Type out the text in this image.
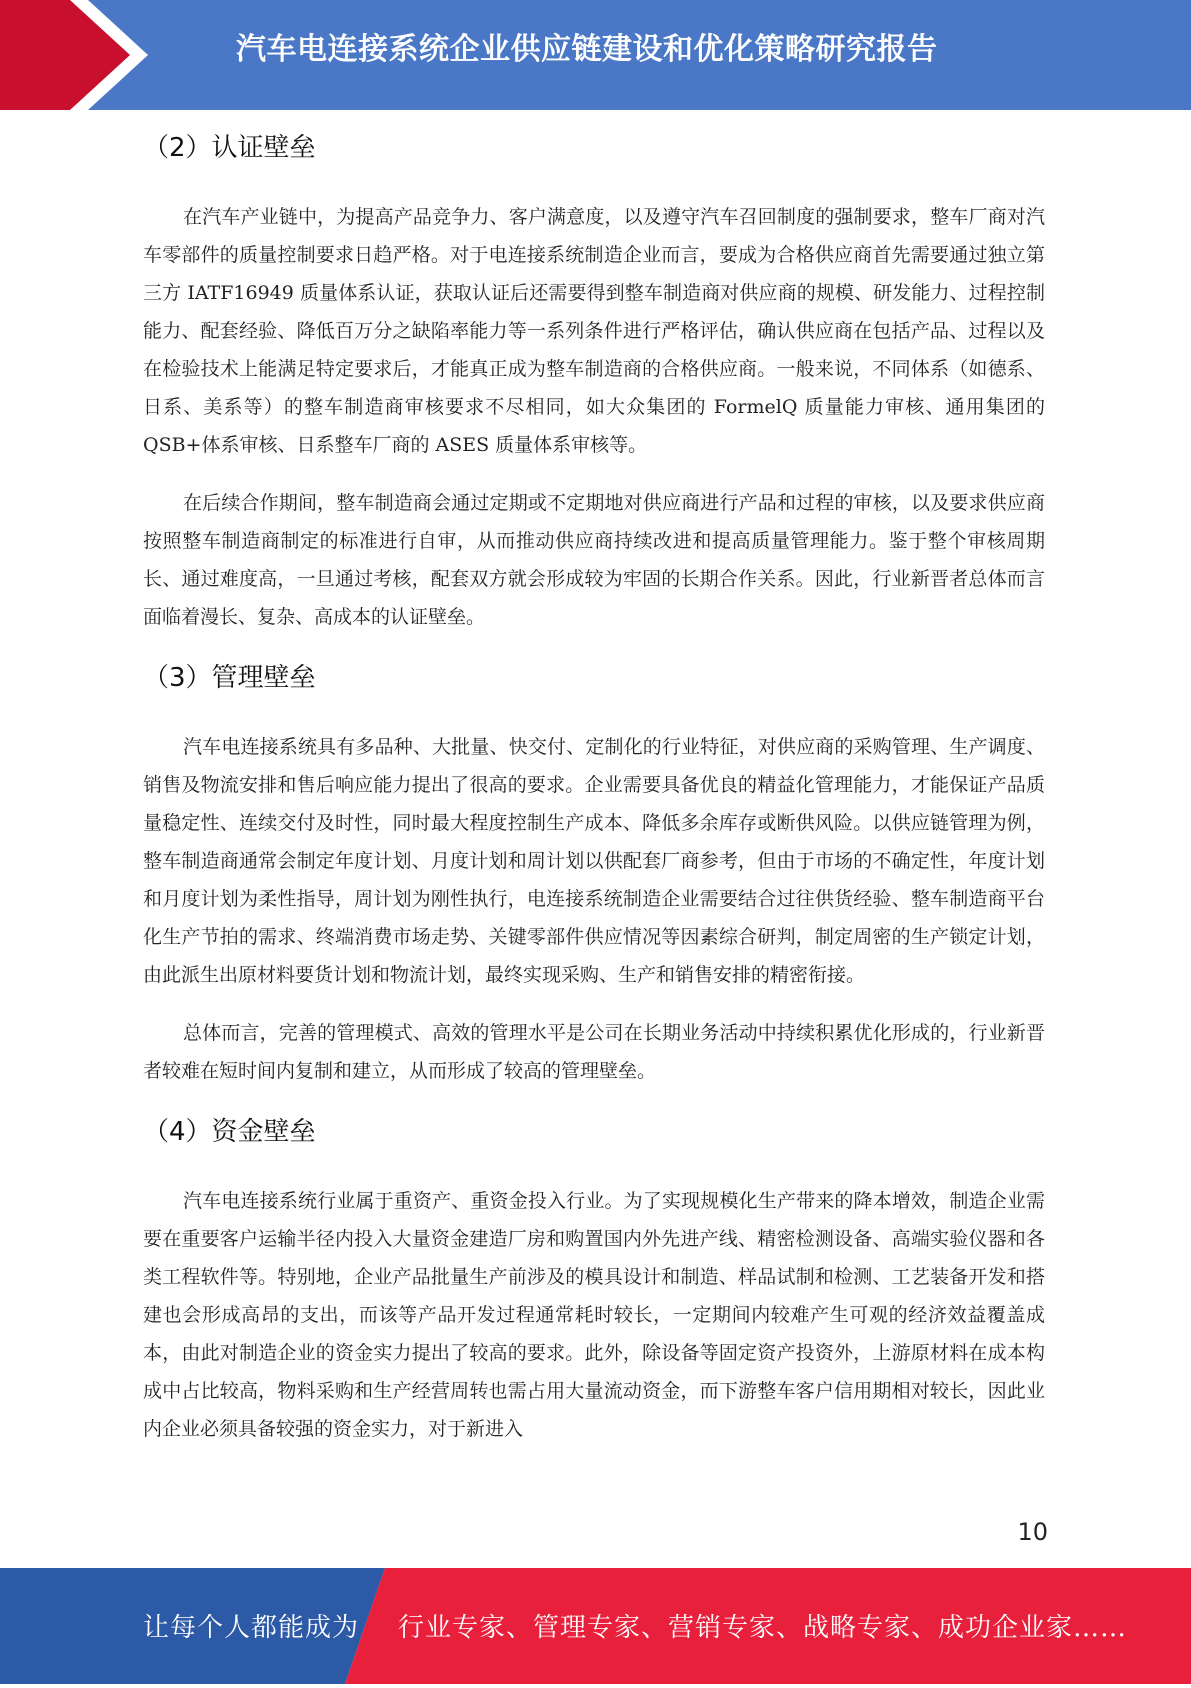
汽车电连接系统企业供应链建设和优化策略研究报告
（2）认证壁垒

在汽车产业链中，为提高产品竞争力、客户满意度，以及遵守汽车召回制度的强制要求，整车厂商对汽车零部件的质量控制要求日趋严格。对于电连接系统制造企业而言，要成为合格供应商首先需要通过独立第三方 IATF16949 质量体系认证，获取认证后还需要得到整车制造商对供应商的规模、研发能力、过程控制能力、配套经验、降低百万分之缺陷率能力等一系列条件进行严格评估，确认供应商在包括产品、过程以及在检验技术上能满足特定要求后，才能真正成为整车制造商的合格供应商。一般来说，不同体系（如德系、日系、美系等）的整车制造商审核要求不尽相同，如大众集团的 FormelQ 质量能力审核、通用集团的 QSB+体系审核、日系整车厂商的 ASES 质量体系审核等。

在后续合作期间，整车制造商会通过定期或不定期地对供应商进行产品和过程的审核，以及要求供应商按照整车制造商制定的标准进行自审，从而推动供应商持续改进和提高质量管理能力。鉴于整个审核周期长、通过难度高，一旦通过考核，配套双方就会形成较为牢固的长期合作关系。因此，行业新晋者总体而言面临着漫长、复杂、高成本的认证壁垒。

（3）管理壁垒

汽车电连接系统具有多品种、大批量、快交付、定制化的行业特征，对供应商的采购管理、生产调度、销售及物流安排和售后响应能力提出了很高的要求。企业需要具备优良的精益化管理能力，才能保证产品质量稳定性、连续交付及时性，同时最大程度控制生产成本、降低多余库存或断供风险。以供应链管理为例，整车制造商通常会制定年度计划、月度计划和周计划以供配套厂商参考，但由于市场的不确定性，年度计划和月度计划为柔性指导，周计划为刚性执行，电连接系统制造企业需要结合过往供货经验、整车制造商平台化生产节拍的需求、终端消费市场走势、关键零部件供应情况等因素综合研判，制定周密的生产锁定计划，由此派生出原材料要货计划和物流计划，最终实现采购、生产和销售安排的精密衔接。

总体而言，完善的管理模式、高效的管理水平是公司在长期业务活动中持续积累优化形成的，行业新晋者较难在短时间内复制和建立，从而形成了较高的管理壁垒。

（4）资金壁垒

汽车电连接系统行业属于重资产、重资金投入行业。为了实现规模化生产带来的降本增效，制造企业需要在重要客户运输半径内投入大量资金建造厂房和购置国内外先进产线、精密检测设备、高端实验仪器和各类工程软件等。特别地，企业产品批量生产前涉及的模具设计和制造、样品试制和检测、工艺装备开发和搭建也会形成高昂的支出，而该等产品开发过程通常耗时较长，一定期间内较难产生可观的经济效益覆盖成本，由此对制造企业的资金实力提出了较高的要求。此外，除设备等固定资产投资外，上游原材料在成本构成中占比较高，物料采购和生产经营周转也需占用大量流动资金，而下游整车客户信用期相对较长，因此业内企业必须具备较强的资金实力，对于新进入

10
让每个人都能成为 行业专家、管理专家、营销专家、战略专家、成功企业家……
